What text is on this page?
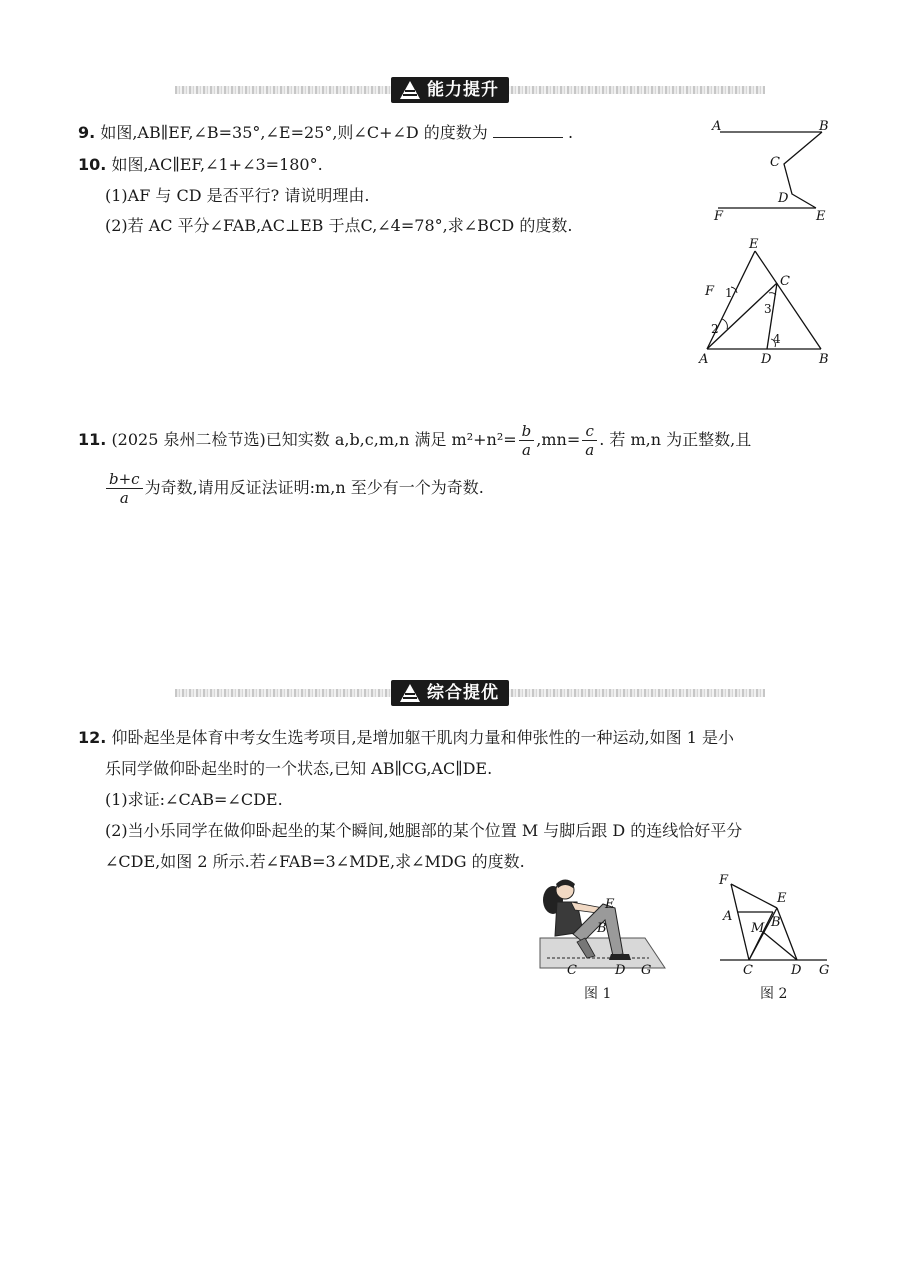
能力提升
9. 如图,AB∥EF,∠B=35°,∠E=25°,则∠C+∠D 的度数为	.
10. 如图,AC∥EF,∠1+∠3=180°.
(1)AF 与 CD 是否平行? 请说明理由.
(2)若 AC 平分∠FAB,AC⊥EB 于点C,∠4=78°,求∠BCD 的度数.
A	B
C
D
F	E
E
F 1
C
3
2
4
A	D	B
11. (2025 泉州二检节选)已知实数 a,b,c,m,n 满足 $m^2+n^2= \frac{b}{a} ,mn= \frac{c}{a}$ . 若 m,n 为正整数,且
$\frac{b+c}{a}$ 为奇数,请用反证法证明:m,n 至少有一个为奇数.
综合提优
12. 仰卧起坐是体育中考女生选考项目,是增加躯干肌肉力量和伸张性的一种运动,如图 1 是小
乐同学做仰卧起坐时的一个状态,已知 AB∥CG,AC∥DE.
(1)求证:∠CAB=∠CDE.
(2)当小乐同学在做仰卧起坐的某个瞬间,她腿部的某个位置 M 与脚后跟 D 的连线恰好平分
∠CDE,如图 2 所示.若∠FAB=3∠MDE,求∠MDG 的度数.
E
B
C	D G
图 1
F
E
A
M B
C	D G
图 2
